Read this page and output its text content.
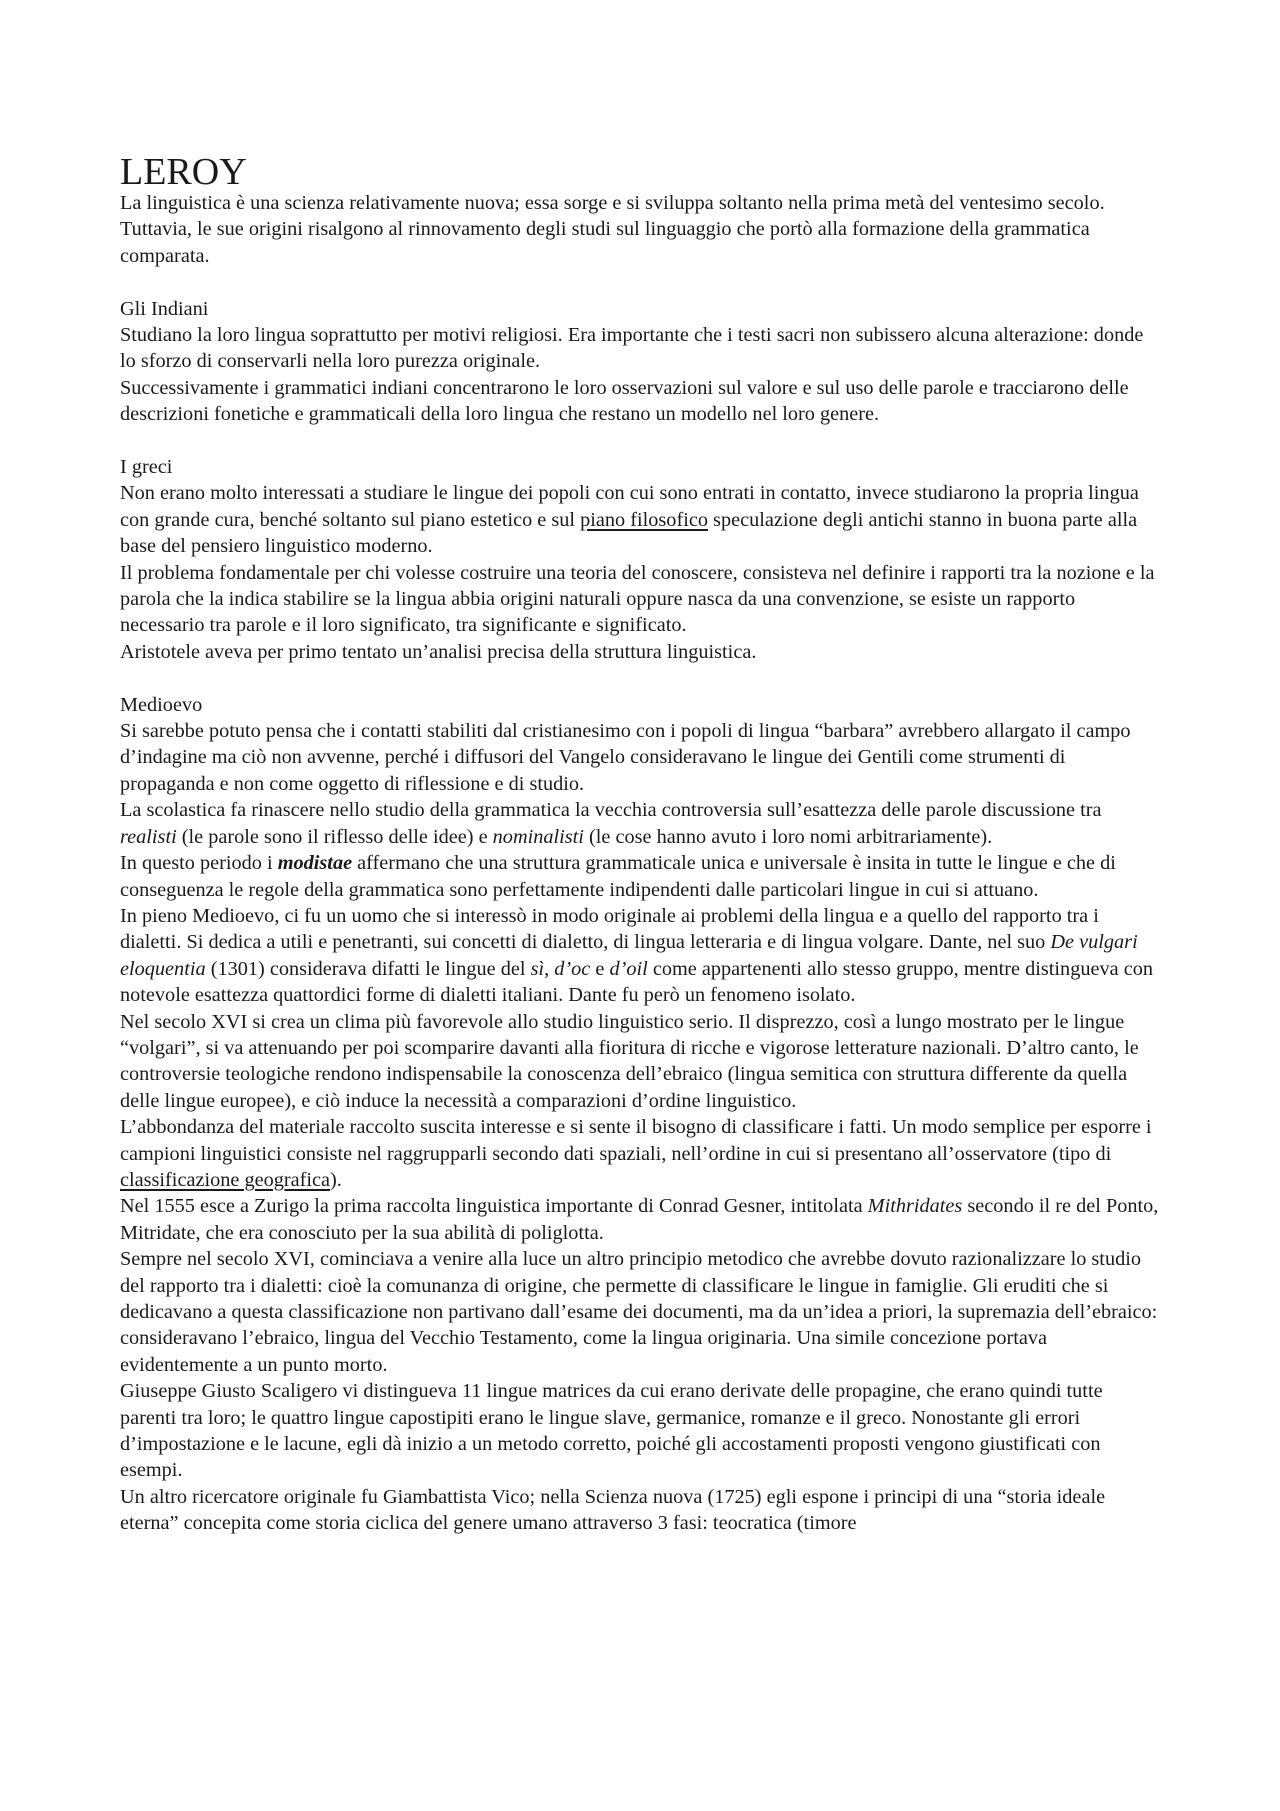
LEROY

La linguistica è una scienza relativamente nuova; essa sorge e si sviluppa soltanto nella prima metà del ventesimo secolo. Tuttavia, le sue origini risalgono al rinnovamento degli studi sul linguaggio che portò alla formazione della grammatica comparata.

Gli Indiani

Studiano la loro lingua soprattutto per motivi religiosi. Era importante che i testi sacri non subissero alcuna alterazione: donde lo sforzo di conservarli nella loro purezza originale.

Successivamente i grammatici indiani concentrarono le loro osservazioni sul valore e sul uso delle parole e tracciarono delle descrizioni fonetiche e grammaticali della loro lingua che restano un modello nel loro genere.

I greci

Non erano molto interessati a studiare le lingue dei popoli con cui sono entrati in contatto, invece studiarono la propria lingua con grande cura, benché soltanto sul piano estetico e sul piano filosofico speculazione degli antichi stanno in buona parte alla base del pensiero linguistico moderno.

Il problema fondamentale per chi volesse costruire una teoria del conoscere, consisteva nel definire i rapporti tra la nozione e la parola che la indica stabilire se la lingua abbia origini naturali oppure nasca da una convenzione, se esiste un rapporto necessario tra parole e il loro significato, tra significante e significato.

Aristotele aveva per primo tentato un’analisi precisa della struttura linguistica.

Medioevo

Si sarebbe potuto pensa che i contatti stabiliti dal cristianesimo con i popoli di lingua “barbara” avrebbero allargato il campo d’indagine ma ciò non avvenne, perché i diffusori del Vangelo consideravano le lingue dei Gentili come strumenti di propaganda e non come oggetto di riflessione e di studio.

La scolastica fa rinascere nello studio della grammatica la vecchia controversia sull’esattezza delle parole discussione tra realisti (le parole sono il riflesso delle idee) e nominalisti (le cose hanno avuto i loro nomi arbitrariamente).

In questo periodo i modistae affermano che una struttura grammaticale unica e universale è insita in tutte le lingue e che di conseguenza le regole della grammatica sono perfettamente indipendenti dalle particolari lingue in cui si attuano.

In pieno Medioevo, ci fu un uomo che si interessò in modo originale ai problemi della lingua e a quello del rapporto tra i dialetti. Si dedica a utili e penetranti, sui concetti di dialetto, di lingua letteraria e di lingua volgare. Dante, nel suo De vulgari eloquentia (1301) considerava difatti le lingue del sì, d’oc e d’oil come appartenenti allo stesso gruppo, mentre distingueva con notevole esattezza quattordici forme di dialetti italiani. Dante fu però un fenomeno isolato.

Nel secolo XVI si crea un clima più favorevole allo studio linguistico serio. Il disprezzo, così a lungo mostrato per le lingue “volgari”, si va attenuando per poi scomparire davanti alla fioritura di ricche e vigorose letterature nazionali. D’altro canto, le controversie teologiche rendono indispensabile la conoscenza dell’ebraico (lingua semitica con struttura differente da quella delle lingue europee), e ciò induce la necessità a comparazioni d’ordine linguistico.

L’abbondanza del materiale raccolto suscita interesse e si sente il bisogno di classificare i fatti. Un modo semplice per esporre i campioni linguistici consiste nel raggrupparli secondo dati spaziali, nell’ordine in cui si presentano all’osservatore (tipo di classificazione geografica).

Nel 1555 esce a Zurigo la prima raccolta linguistica importante di Conrad Gesner, intitolata Mithridates secondo il re del Ponto, Mitridate, che era conosciuto per la sua abilità di poliglotta.

Sempre nel secolo XVI, cominciava a venire alla luce un altro principio metodico che avrebbe dovuto razionalizzare lo studio del rapporto tra i dialetti: cioè la comunanza di origine, che permette di classificare le lingue in famiglie. Gli eruditi che si dedicavano a questa classificazione non partivano dall’esame dei documenti, ma da un’idea a priori, la supremazia dell’ebraico: consideravano l’ebraico, lingua del Vecchio Testamento, come la lingua originaria. Una simile concezione portava evidentemente a un punto morto.

Giuseppe Giusto Scaligero vi distingueva 11 lingue matrices da cui erano derivate delle propagine, che erano quindi tutte parenti tra loro; le quattro lingue capostipiti erano le lingue slave, germanice, romanze e il greco. Nonostante gli errori d’impostazione e le lacune, egli dà inizio a un metodo corretto, poiché gli accostamenti proposti vengono giustificati con esempi.

Un altro ricercatore originale fu Giambattista Vico; nella Scienza nuova (1725) egli espone i principi di una “storia ideale eterna” concepita come storia ciclica del genere umano attraverso 3 fasi: teocratica (timore
